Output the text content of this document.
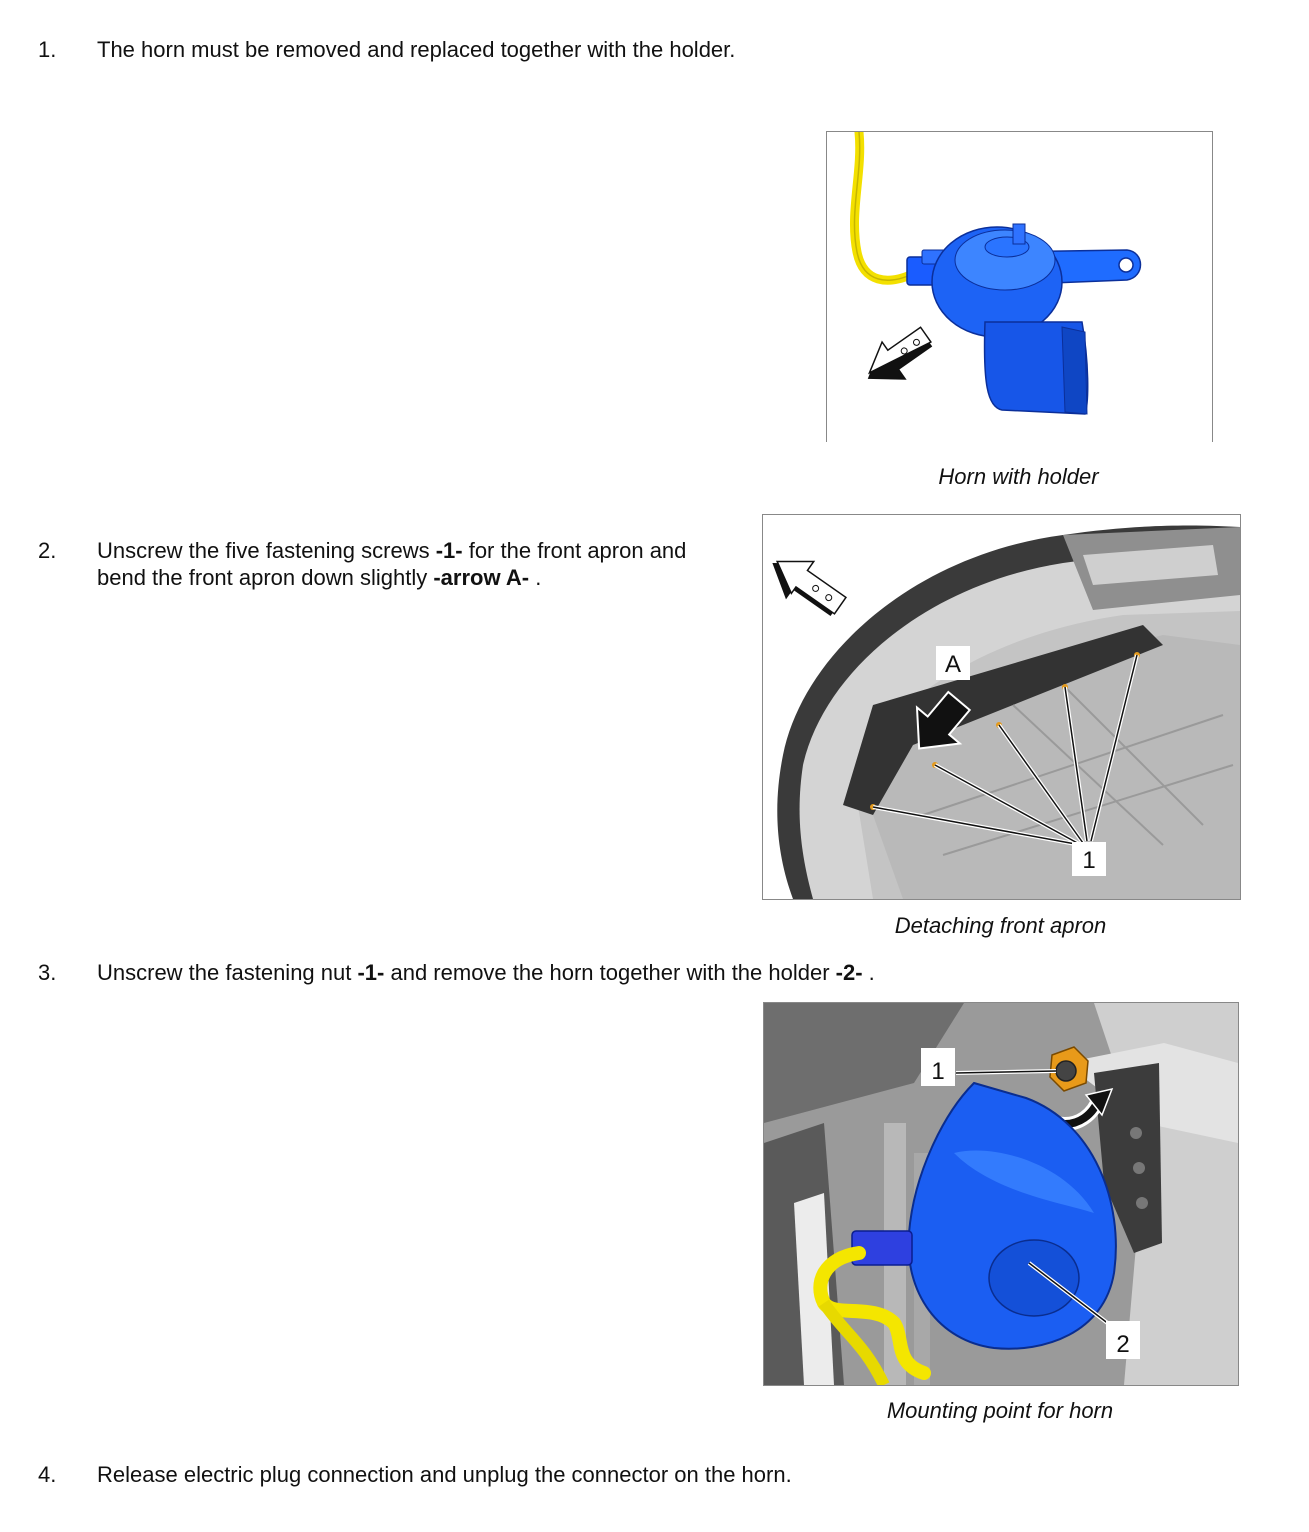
1. The horn must be removed and replaced together with the holder.
Horn with holder
2. Unscrew the five fastening screws -1- for the front apron and
bend the front apron down slightly -arrow A- .
A
1
Detaching front apron
3. Unscrew the fastening nut -1- and remove the horn together with the holder -2- .
1
2
Mounting point for horn
4. Release electric plug connection and unplug the connector on the horn.
